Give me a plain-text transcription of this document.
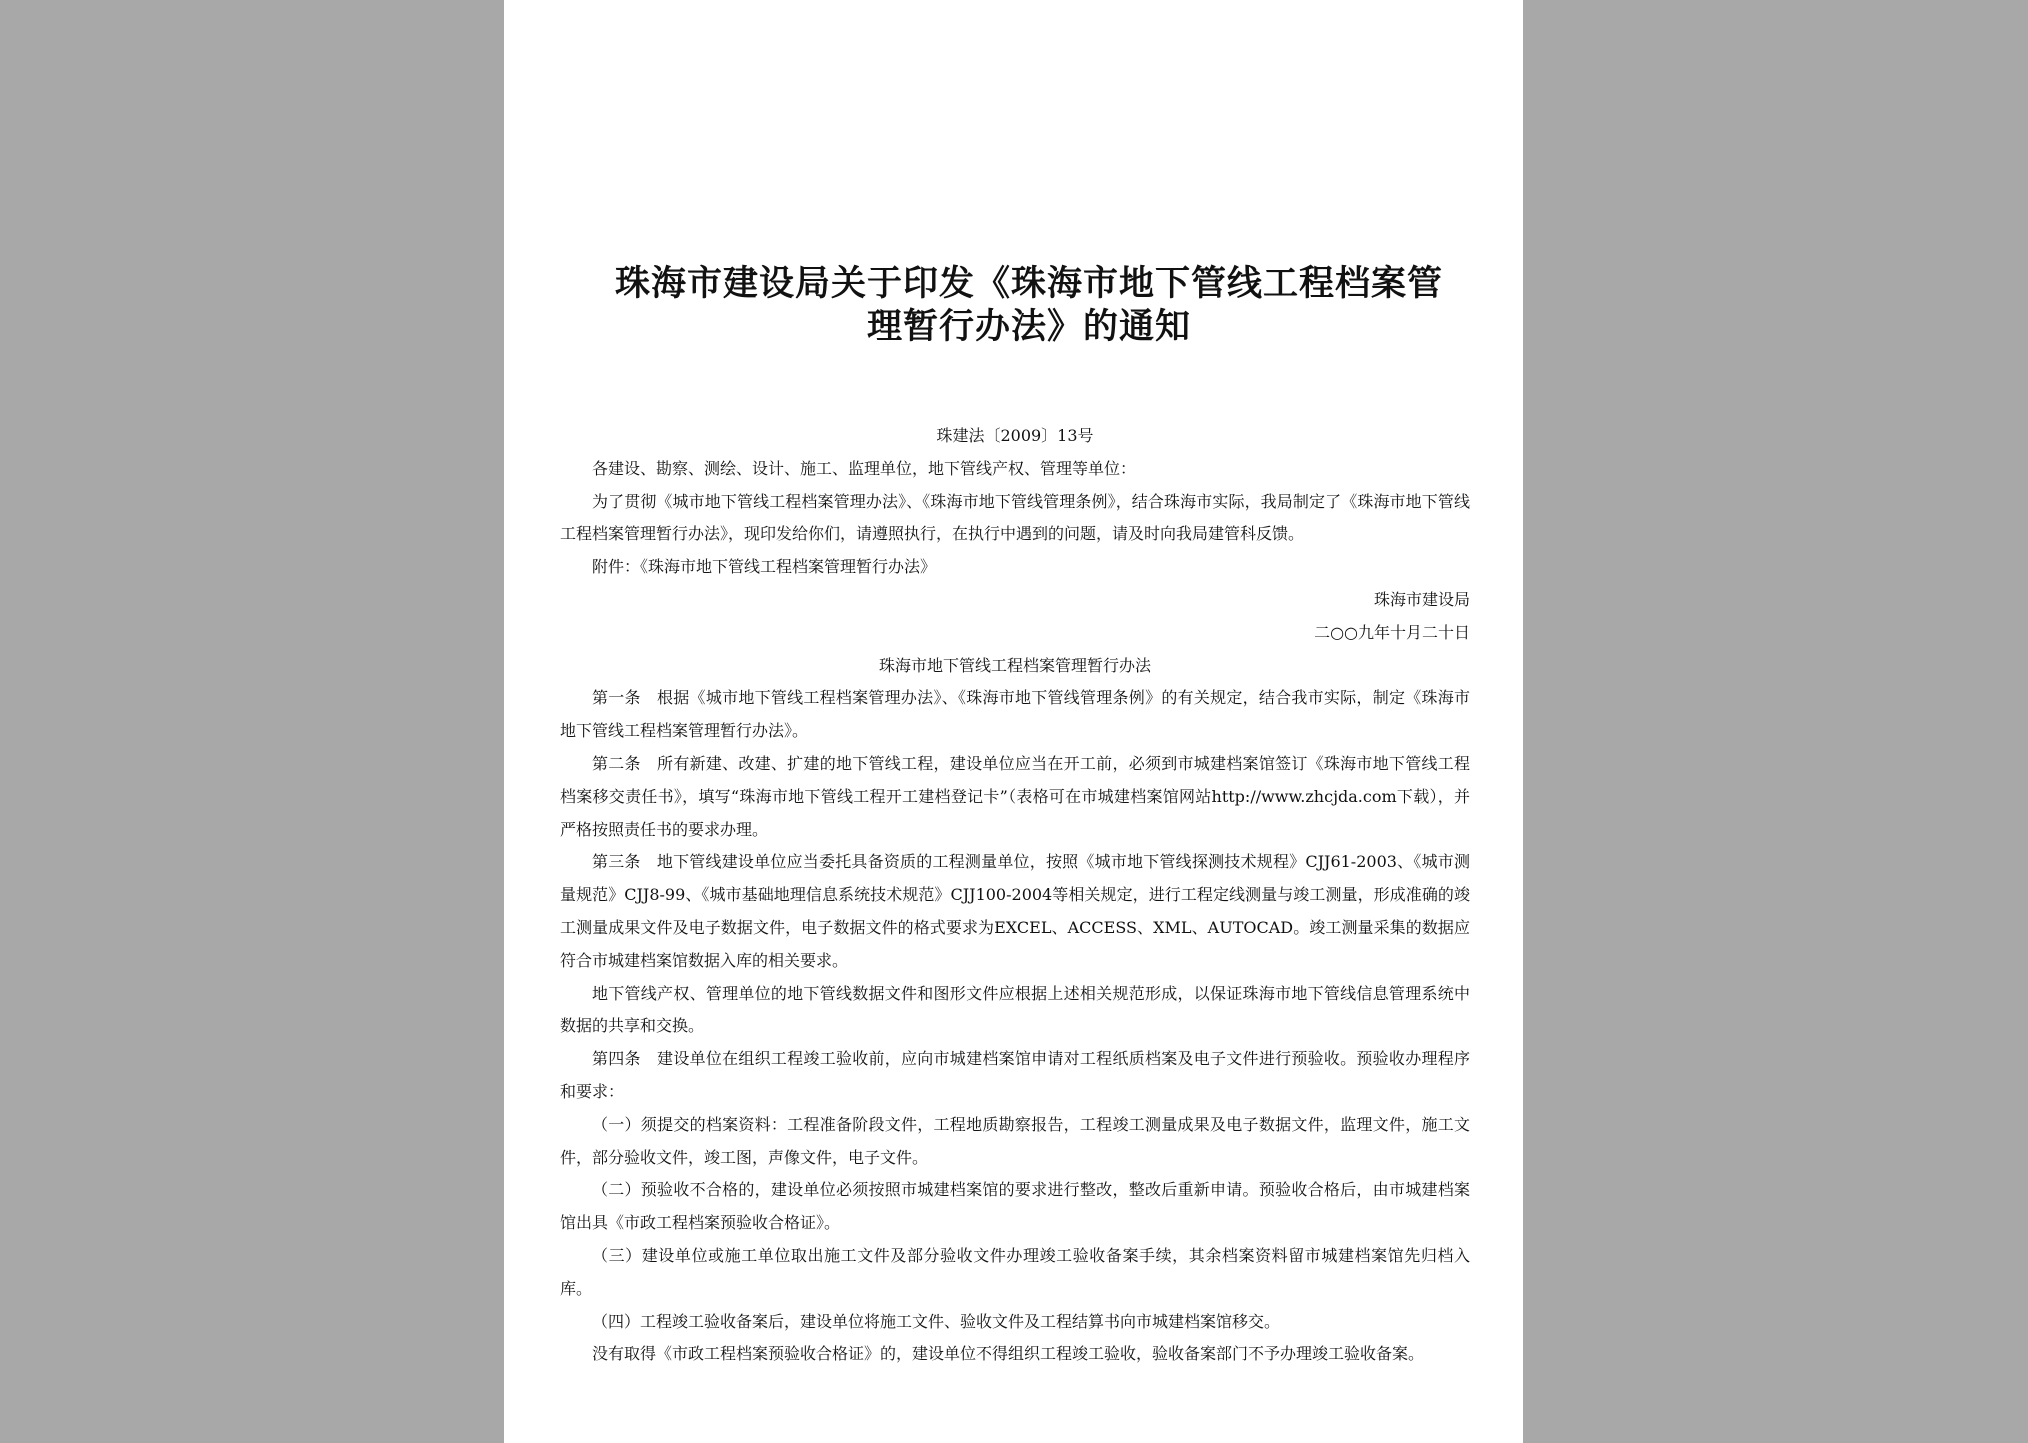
珠海市建设局关于印发《珠海市地下管线工程档案管
理暂行办法》的通知

珠建法〔2009〕13号

各建设、勘察、测绘、设计、施工、监理单位，地下管线产权、管理等单位：

为了贯彻《城市地下管线工程档案管理办法》、《珠海市地下管线管理条例》，结合珠海市实际，我局制定了《珠海市地下管线工程档案管理暂行办法》，现印发给你们，请遵照执行，在执行中遇到的问题，请及时向我局建管科反馈。

附件：《珠海市地下管线工程档案管理暂行办法》

珠海市建设局

二○○九年十月二十日

珠海市地下管线工程档案管理暂行办法

第一条　根据《城市地下管线工程档案管理办法》、《珠海市地下管线管理条例》的有关规定，结合我市实际，制定《珠海市地下管线工程档案管理暂行办法》。

第二条　所有新建、改建、扩建的地下管线工程，建设单位应当在开工前，必须到市城建档案馆签订《珠海市地下管线工程档案移交责任书》，填写“珠海市地下管线工程开工建档登记卡”（表格可在市城建档案馆网站http://www.zhcjda.com下载），并严格按照责任书的要求办理。

第三条　地下管线建设单位应当委托具备资质的工程测量单位，按照《城市地下管线探测技术规程》CJJ61-2003、《城市测量规范》CJJ8-99、《城市基础地理信息系统技术规范》CJJ100-2004等相关规定，进行工程定线测量与竣工测量，形成准确的竣工测量成果文件及电子数据文件，电子数据文件的格式要求为EXCEL、ACCESS、XML、AUTOCAD。竣工测量采集的数据应符合市城建档案馆数据入库的相关要求。

地下管线产权、管理单位的地下管线数据文件和图形文件应根据上述相关规范形成，以保证珠海市地下管线信息管理系统中数据的共享和交换。

第四条　建设单位在组织工程竣工验收前，应向市城建档案馆申请对工程纸质档案及电子文件进行预验收。预验收办理程序和要求：

（一）须提交的档案资料：工程准备阶段文件，工程地质勘察报告，工程竣工测量成果及电子数据文件，监理文件，施工文件，部分验收文件，竣工图，声像文件，电子文件。

（二）预验收不合格的，建设单位必须按照市城建档案馆的要求进行整改，整改后重新申请。预验收合格后，由市城建档案馆出具《市政工程档案预验收合格证》。

（三）建设单位或施工单位取出施工文件及部分验收文件办理竣工验收备案手续，其余档案资料留市城建档案馆先归档入库。

（四）工程竣工验收备案后，建设单位将施工文件、验收文件及工程结算书向市城建档案馆移交。

没有取得《市政工程档案预验收合格证》的，建设单位不得组织工程竣工验收，验收备案部门不予办理竣工验收备案。
